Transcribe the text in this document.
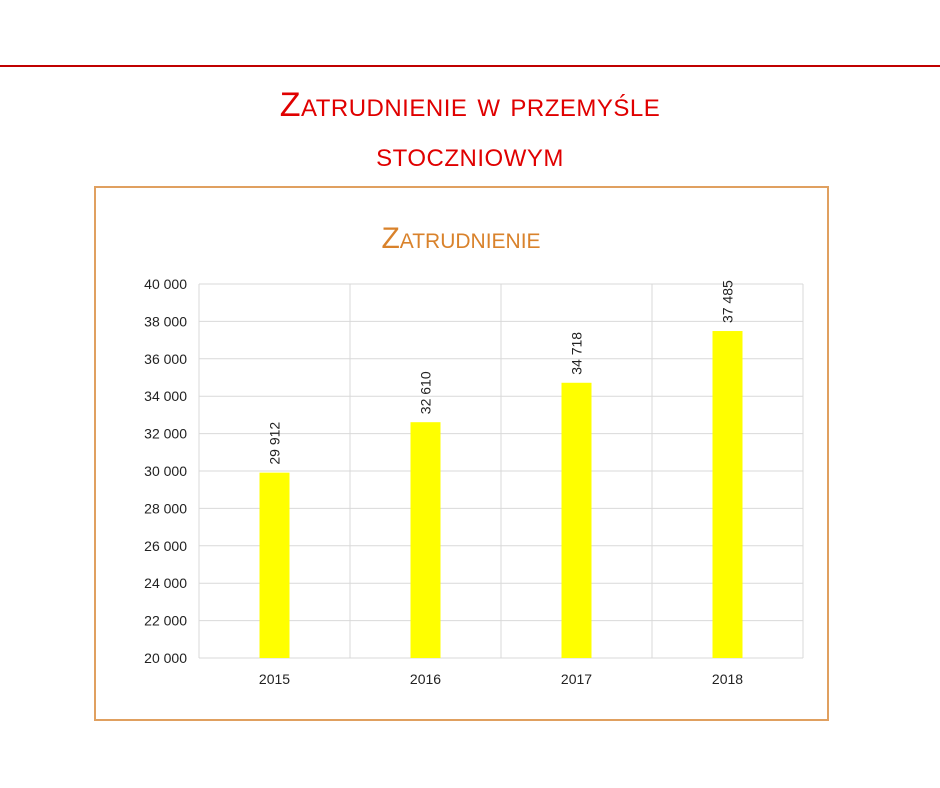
Zatrudnienie w przemyśle
stoczniowym
Zatrudnienie
29 912
32 610
34 718
37 485
20 000
22 000
24 000
26 000
28 000
30 000
32 000
34 000
36 000
38 000
40 000
2015	2016	2017	2018
